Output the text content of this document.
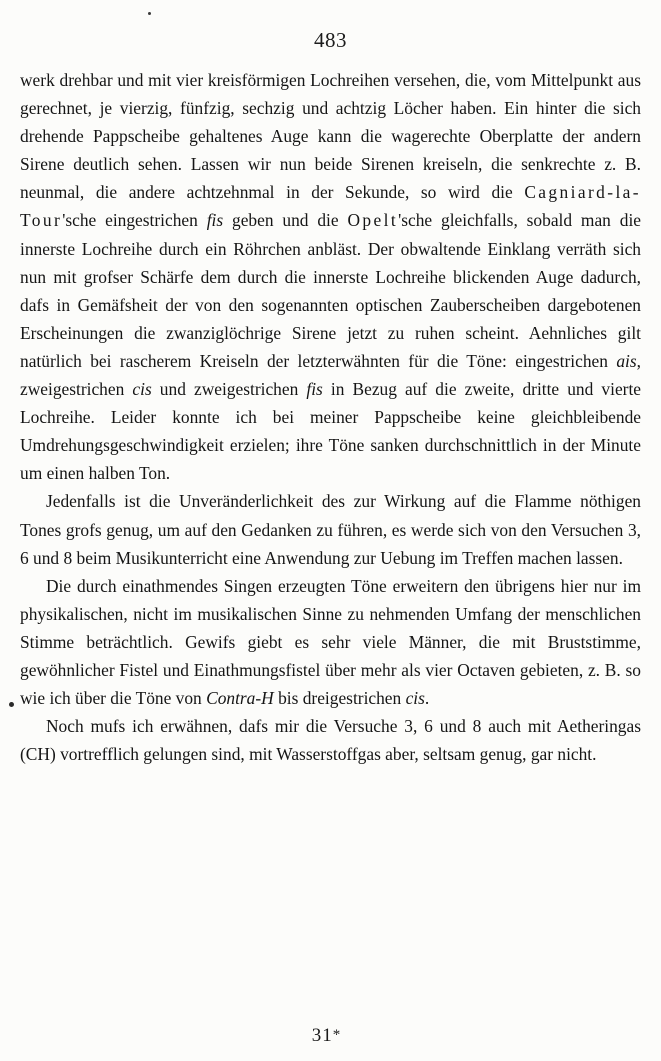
483

werk drehbar und mit vier kreisförmigen Lochreihen versehen, die, vom Mittelpunkt aus gerechnet, je vierzig, fünfzig, sechzig und achtzig Löcher haben. Ein hinter die sich drehende Pappscheibe gehaltenes Auge kann die wagerechte Oberplatte der andern Sirene deutlich sehen. Lassen wir nun beide Sirenen kreiseln, die senkrechte z. B. neunmal, die andere achtzehnmal in der Sekunde, so wird die Cagniard-la-Tour'sche eingestrichen fis geben und die Opelt'sche gleichfalls, sobald man die innerste Lochreihe durch ein Röhrchen anbläst. Der obwaltende Einklang verräth sich nun mit grofser Schärfe dem durch die innerste Lochreihe blickenden Auge dadurch, dafs in Gemäfsheit der von den sogenannten optischen Zauberscheiben dargebotenen Erscheinungen die zwanziglöchrige Sirene jetzt zu ruhen scheint. Aehnliches gilt natürlich bei rascherem Kreiseln der letzterwähnten für die Töne: eingestrichen ais, zweigestrichen cis und zweigestrichen fis in Bezug auf die zweite, dritte und vierte Lochreihe. Leider konnte ich bei meiner Pappscheibe keine gleichbleibende Umdrehungsgeschwindigkeit erzielen; ihre Töne sanken durchschnittlich in der Minute um einen halben Ton.

Jedenfalls ist die Unveränderlichkeit des zur Wirkung auf die Flamme nöthigen Tones grofs genug, um auf den Gedanken zu führen, es werde sich von den Versuchen 3, 6 und 8 beim Musikunterricht eine Anwendung zur Uebung im Treffen machen lassen.

Die durch einathmendes Singen erzeugten Töne erweitern den übrigens hier nur im physikalischen, nicht im musikalischen Sinne zu nehmenden Umfang der menschlichen Stimme beträchtlich. Gewifs giebt es sehr viele Männer, die mit Bruststimme, gewöhnlicher Fistel und Einathmungsfistel über mehr als vier Octaven gebieten, z. B. so wie ich über die Töne von Contra-H bis dreigestrichen cis.

Noch mufs ich erwähnen, dafs mir die Versuche 3, 6 und 8 auch mit Aetheringas (CH) vortrefflich gelungen sind, mit Wasserstoffgas aber, seltsam genug, gar nicht.

31*
